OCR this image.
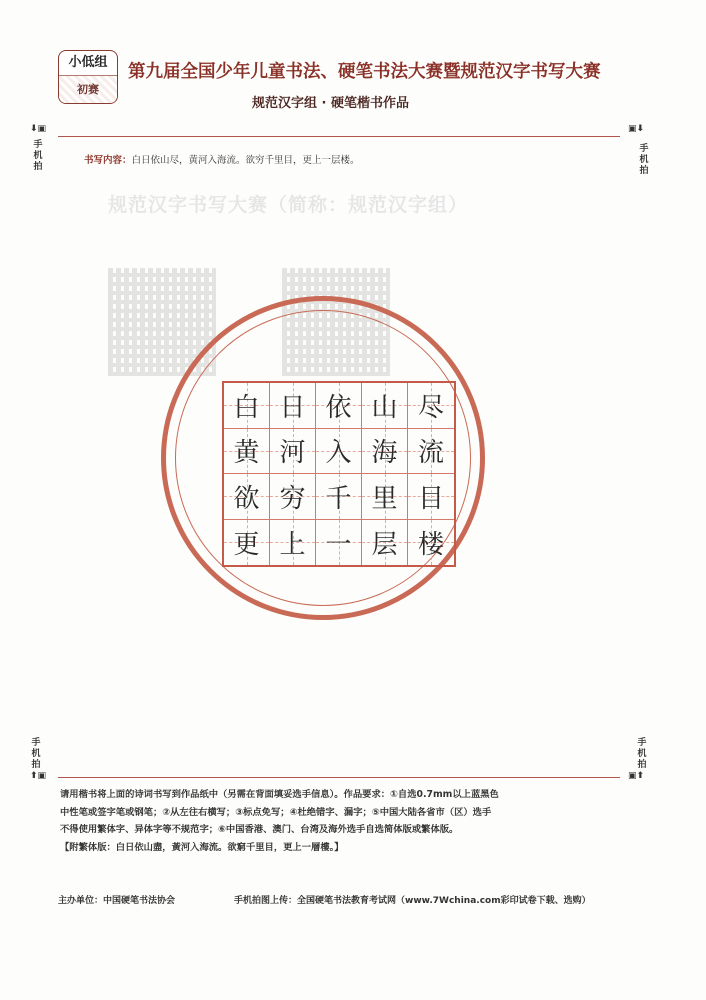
小低组
初赛
第九届全国少年儿童书法、硬笔书法大赛暨规范汉字书写大赛
规范汉字组 · 硬笔楷书作品
⬇▣	▣⬇
手
机
拍
手
机
拍
书写内容：白日依山尽，黄河入海流。欲穷千里目，更上一层楼。
规范汉字书写大赛（简称：规范汉字组）
白 日 依 山 尽
黄 河 入 海 流
欲 穷 千 里 目
更 上 一 层 楼
手
机
拍
手
机
拍
⬆▣	▣⬆

请用楷书将上面的诗词书写到作品纸中（另需在背面填妥选手信息）。作品要求：①自选0.7mm以上蓝黑色

中性笔或签字笔或钢笔；②从左往右横写；③标点免写；④杜绝错字、漏字；⑤中国大陆各省市（区）选手

不得使用繁体字、异体字等不规范字；⑥中国香港、澳门、台湾及海外选手自选简体版或繁体版。

【附繁体版：白日依山盡，黃河入海流。欲窮千里目，更上一層樓。】

主办单位：中国硬笔书法协会	手机拍图上传：全国硬笔书法教育考试网（www.7Wchina.com彩印试卷下载、选购）
